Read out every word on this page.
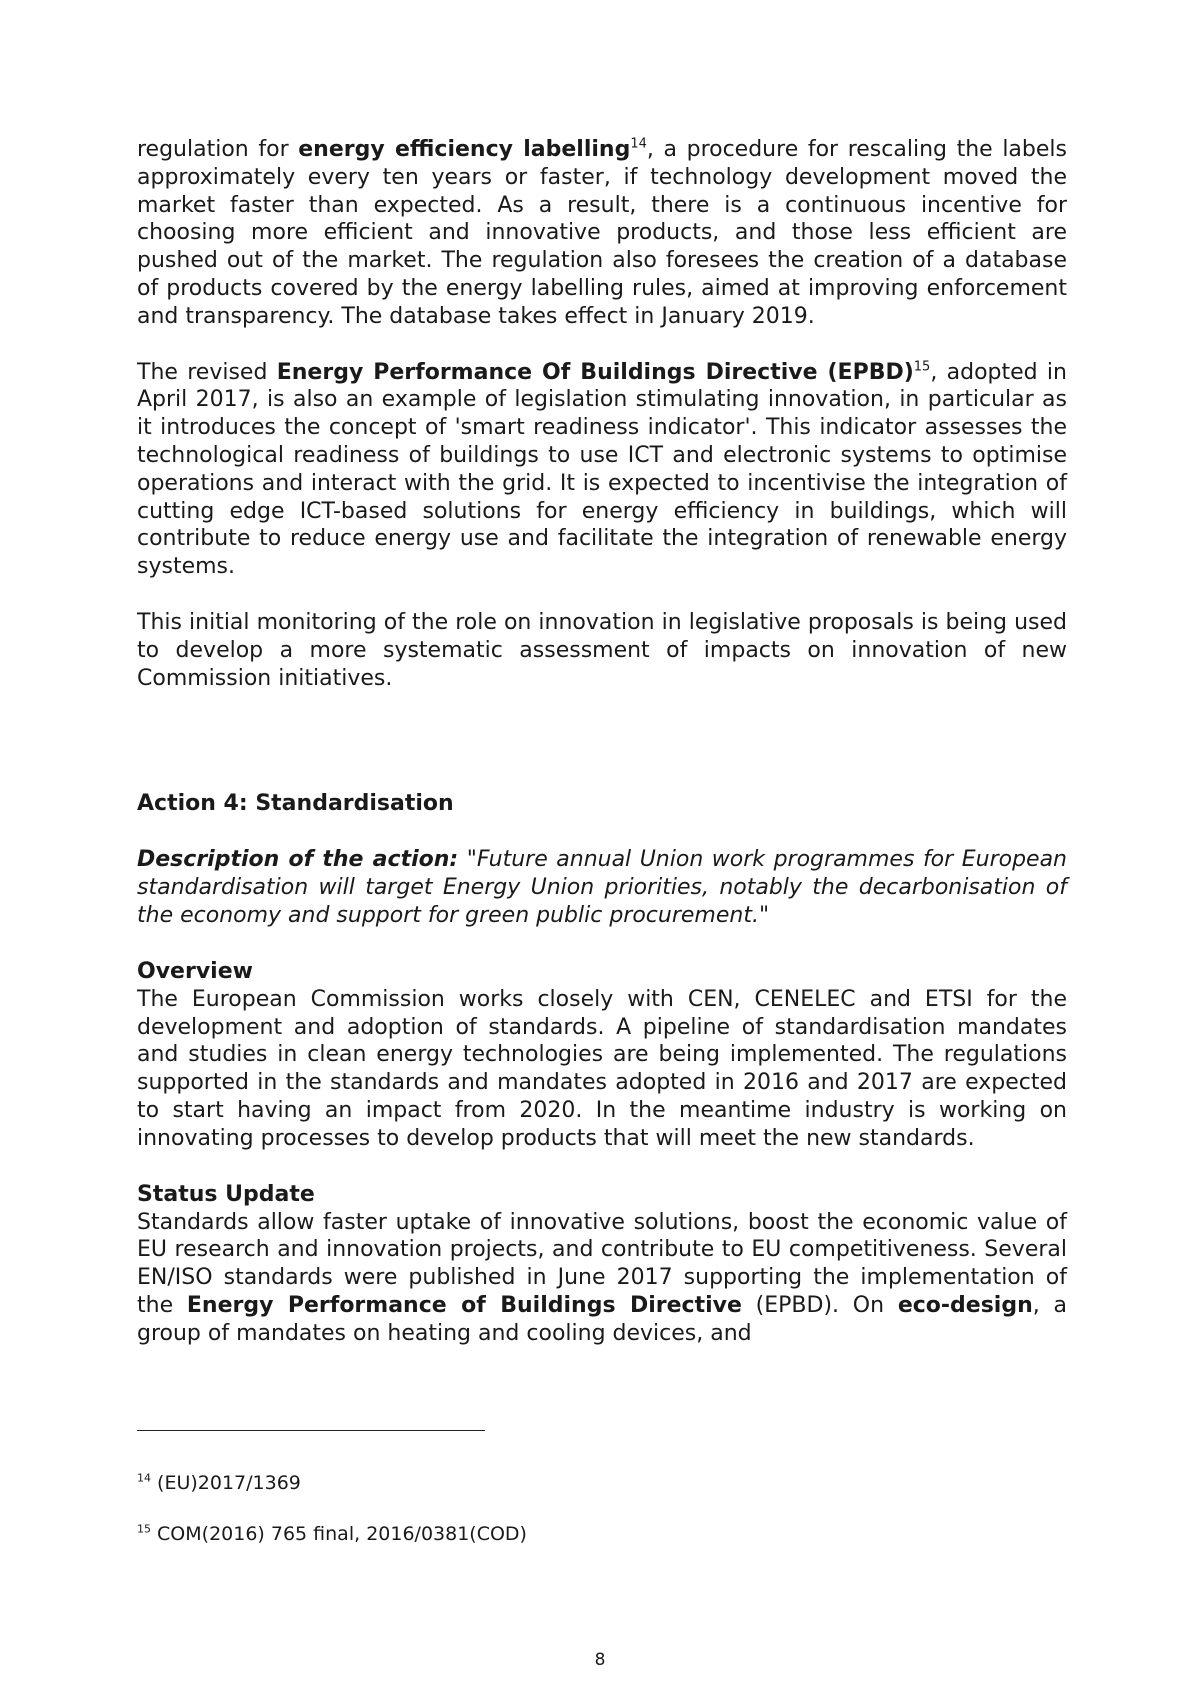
regulation for energy efficiency labelling$^{14}$, a procedure for rescaling the labels approximately every ten years or faster, if technology development moved the market faster than expected. As a result, there is a continuous incentive for choosing more efficient and innovative products, and those less efficient are pushed out of the market. The regulation also foresees the creation of a database of products covered by the energy labelling rules, aimed at improving enforcement and transparency. The database takes effect in January 2019.

The revised Energy Performance Of Buildings Directive (EPBD)$^{15}$, adopted in April 2017, is also an example of legislation stimulating innovation, in particular as it introduces the concept of 'smart readiness indicator'. This indicator assesses the technological readiness of buildings to use ICT and electronic systems to optimise operations and interact with the grid. It is expected to incentivise the integration of cutting edge ICT-based solutions for energy efficiency in buildings, which will contribute to reduce energy use and facilitate the integration of renewable energy systems.

This initial monitoring of the role on innovation in legislative proposals is being used to develop a more systematic assessment of impacts on innovation of new Commission initiatives.

Action 4: Standardisation

Description of the action: "Future annual Union work programmes for European standardisation will target Energy Union priorities, notably the decarbonisation of the economy and support for green public procurement."

Overview

The European Commission works closely with CEN, CENELEC and ETSI for the development and adoption of standards. A pipeline of standardisation mandates and studies in clean energy technologies are being implemented. The regulations supported in the standards and mandates adopted in 2016 and 2017 are expected to start having an impact from 2020. In the meantime industry is working on innovating processes to develop products that will meet the new standards.

Status Update

Standards allow faster uptake of innovative solutions, boost the economic value of EU research and innovation projects, and contribute to EU competitiveness. Several EN/ISO standards were published in June 2017 supporting the implementation of the Energy Performance of Buildings Directive (EPBD). On eco-design, a group of mandates on heating and cooling devices, and

$^{14}$ (EU)2017/1369
$^{15}$ COM(2016) 765 final, 2016/0381(COD)
8
